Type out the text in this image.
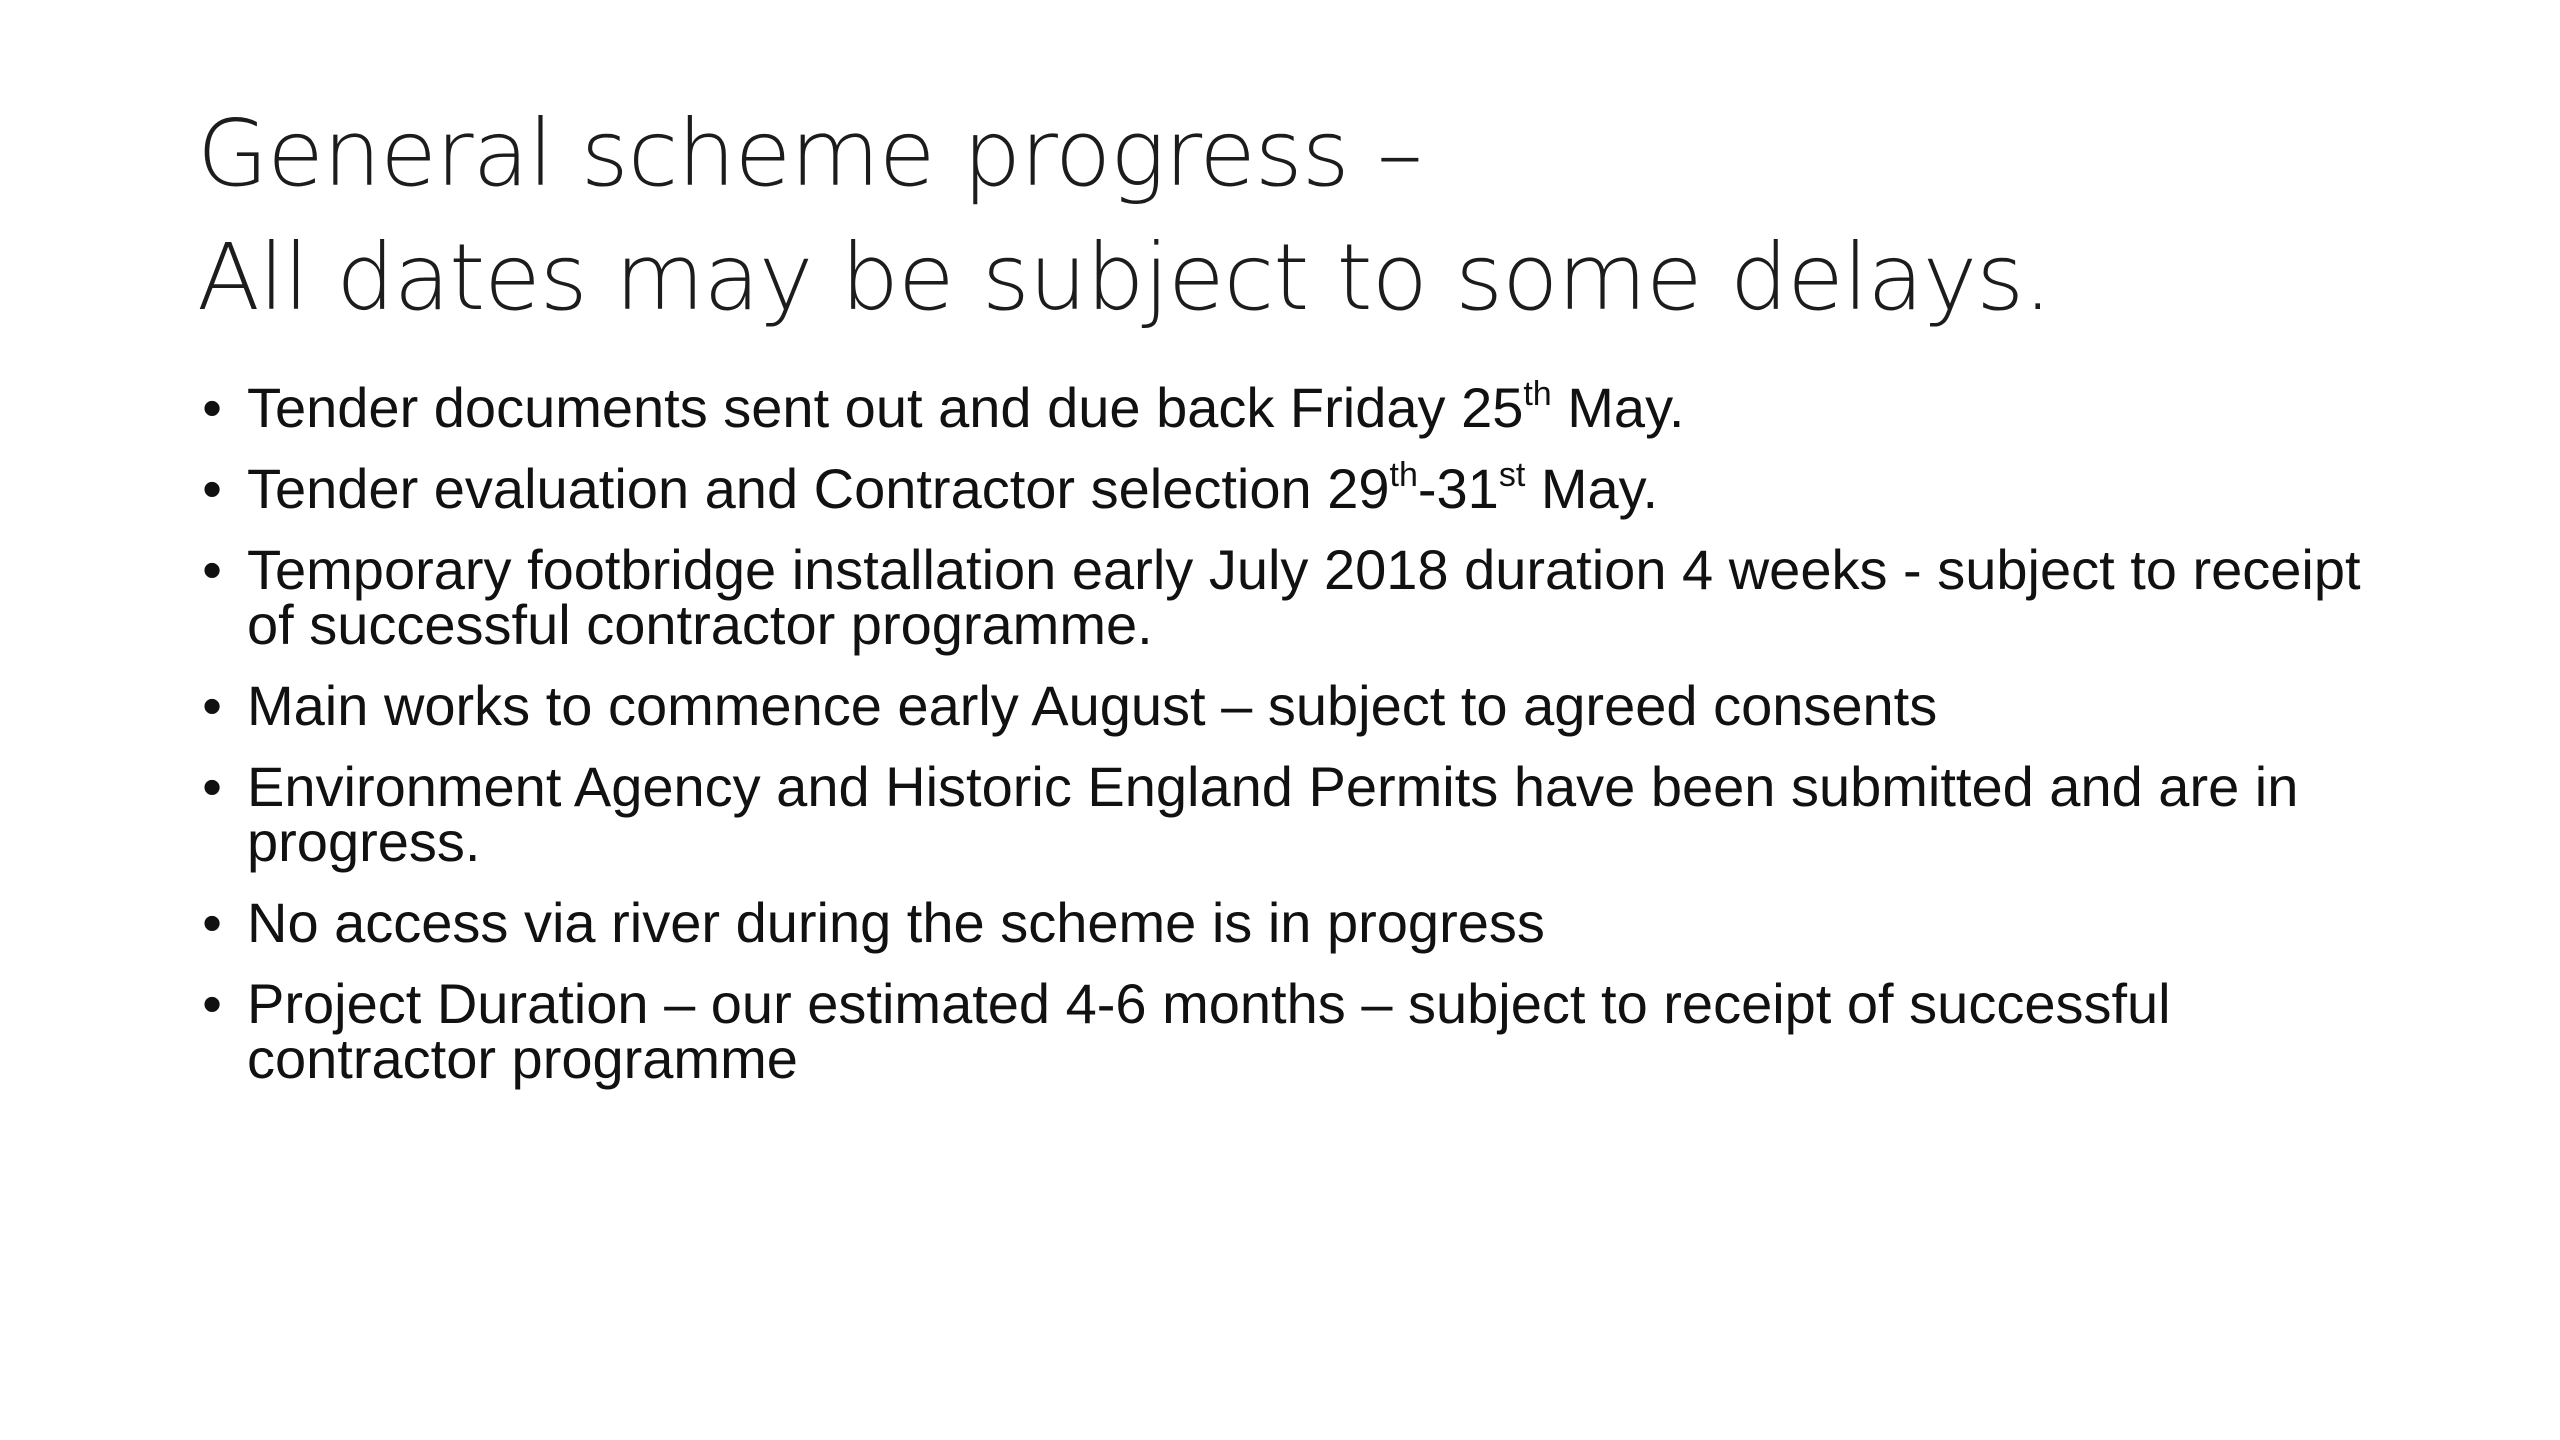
General scheme progress –
All dates may be subject to some delays.
• Tender documents sent out and due back Friday 25th May.
• Tender evaluation and Contractor selection 29th-31st May.
• Temporary footbridge installation early July 2018 duration 4 weeks - subject to receipt of successful contractor programme.
• Main works to commence early August – subject to agreed consents
• Environment Agency and Historic England Permits have been submitted and are in progress.
• No access via river during the scheme is in progress
• Project Duration – our estimated 4-6 months – subject to receipt of successful contractor programme
